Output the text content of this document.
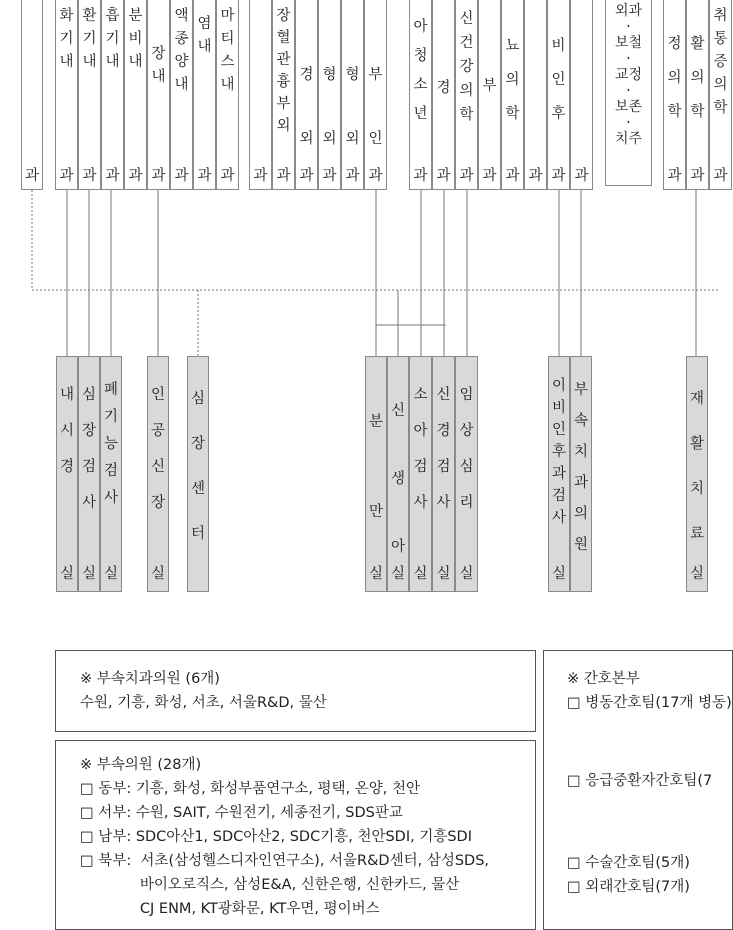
과
화
기
내
과
환
기
내
과
흡
기
내
과
분
비
내
과
장
내
과
액
종
양
내
과
염
내
과
마
티
스
내
과 과
장
혈
관
흉
부
외
과
경
외
과
형
외
과
형
외
과
부
인
과
아
청
소
년
과
경
과
신
건
강
의
학
과
부
과
뇨
의
학
과 과
비
인
후
과 과
외과
·
보철
·
교정
·
보존
·
치주
정
의
학
과
활
의
학
과
취
통
증
의
학
과
내
시
경
실
심
장
검
사
실
폐
기
능
검
사
실
인
공
신
장
실
심
장
센
터
분
만
실
신
생
아
실
소
아
검
사
실
신
경
검
사
실
임
상
심
리
실
이
비
인
후
과
검
사
실
부
속
치
과
의
원
재
활
치
료
실

※ 부속치과의원 (6개)

수원, 기흥, 화성, 서초, 서울R&D, 물산

※ 부속의원 (28개)

□ 동부: 기흥, 화성, 화성부품연구소, 평택, 온양, 천안

□ 서부: 수원, SAIT, 수원전기, 세종전기, SDS판교

□ 남부: SDC아산1, SDC아산2, SDC기흥, 천안SDI, 기흥SDI

□ 북부:  서초(삼성헬스디자인연구소), 서울R&D센터, 삼성SDS,

바이오로직스, 삼성E&A, 신한은행, 신한카드, 물산

CJ ENM, KT광화문, KT우면, 평이버스

※ 간호본부

□ 병동간호팀(17개 병동)

□ 응급중환자간호팀(7

□ 수술간호팀(5개)

□ 외래간호팀(7개)
